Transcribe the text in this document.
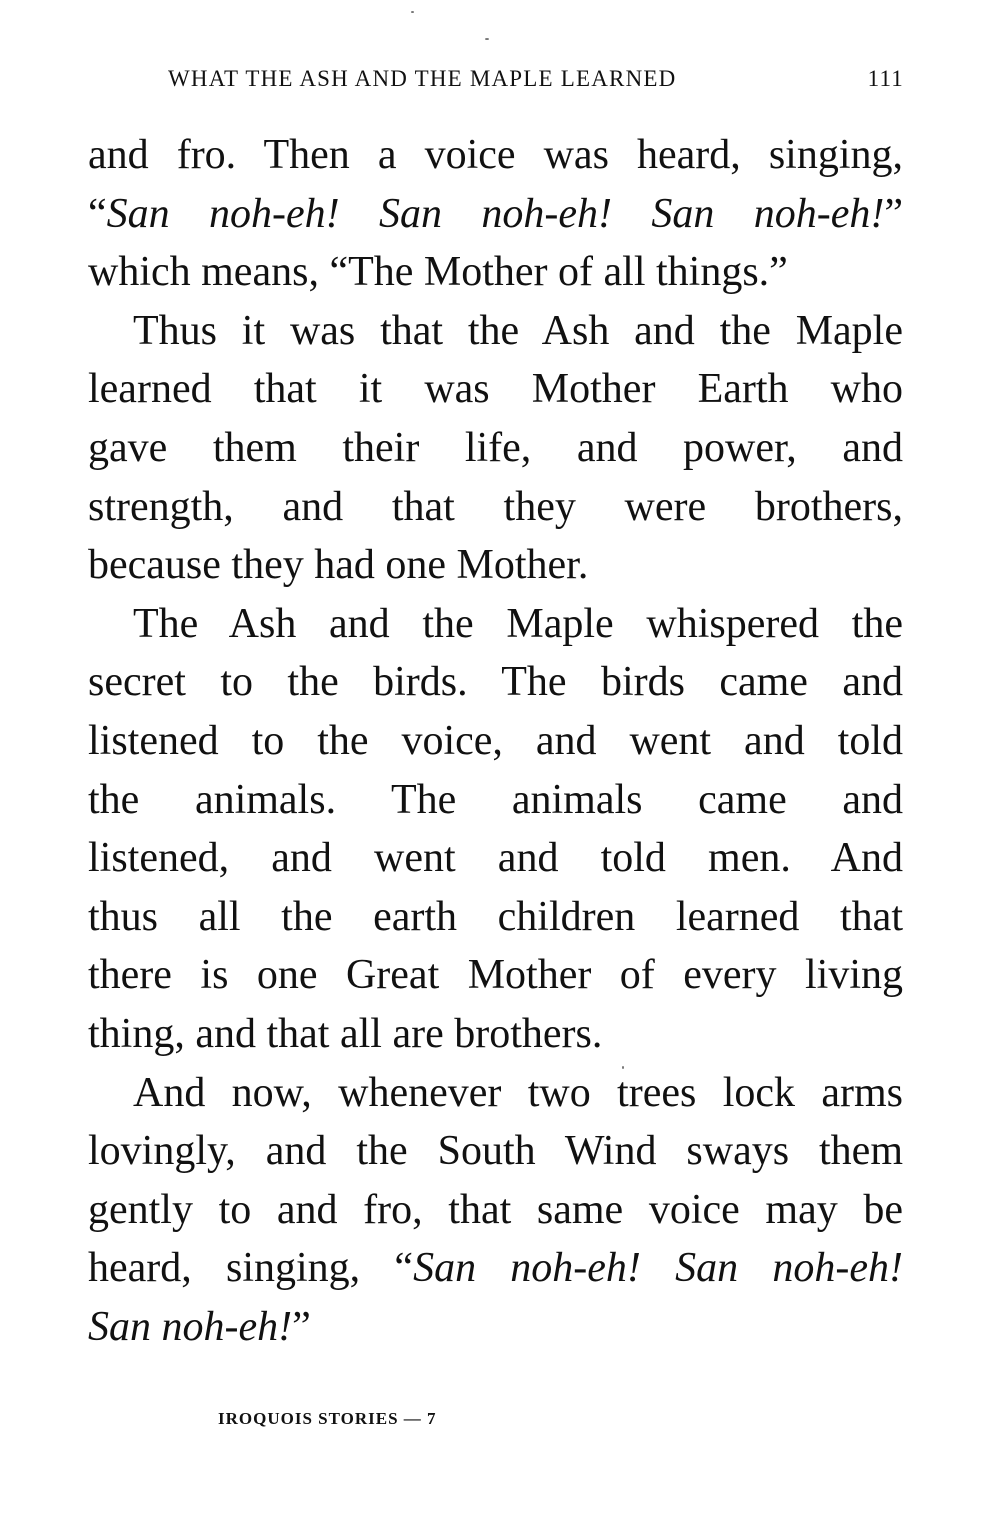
WHAT THE ASH AND THE MAPLE LEARNED	111
and fro. Then a voice was heard, singing,
“San noh-eh! San noh-eh! San noh-eh!”
which means, “The Mother of all things.”
Thus it was that the Ash and the Maple
learned that it was Mother Earth who
gave them their life, and power, and
strength, and that they were brothers,
because they had one Mother.
The Ash and the Maple whispered the
secret to the birds. The birds came and
listened to the voice, and went and told
the animals. The animals came and
listened, and went and told men. And
thus all the earth children learned that
there is one Great Mother of every living
thing, and that all are brothers.
And now, whenever two trees lock arms
lovingly, and the South Wind sways them
gently to and fro, that same voice may be
heard, singing, “San noh-eh! San noh-eh!
San noh-eh!”
IROQUOIS STORIES — 7
